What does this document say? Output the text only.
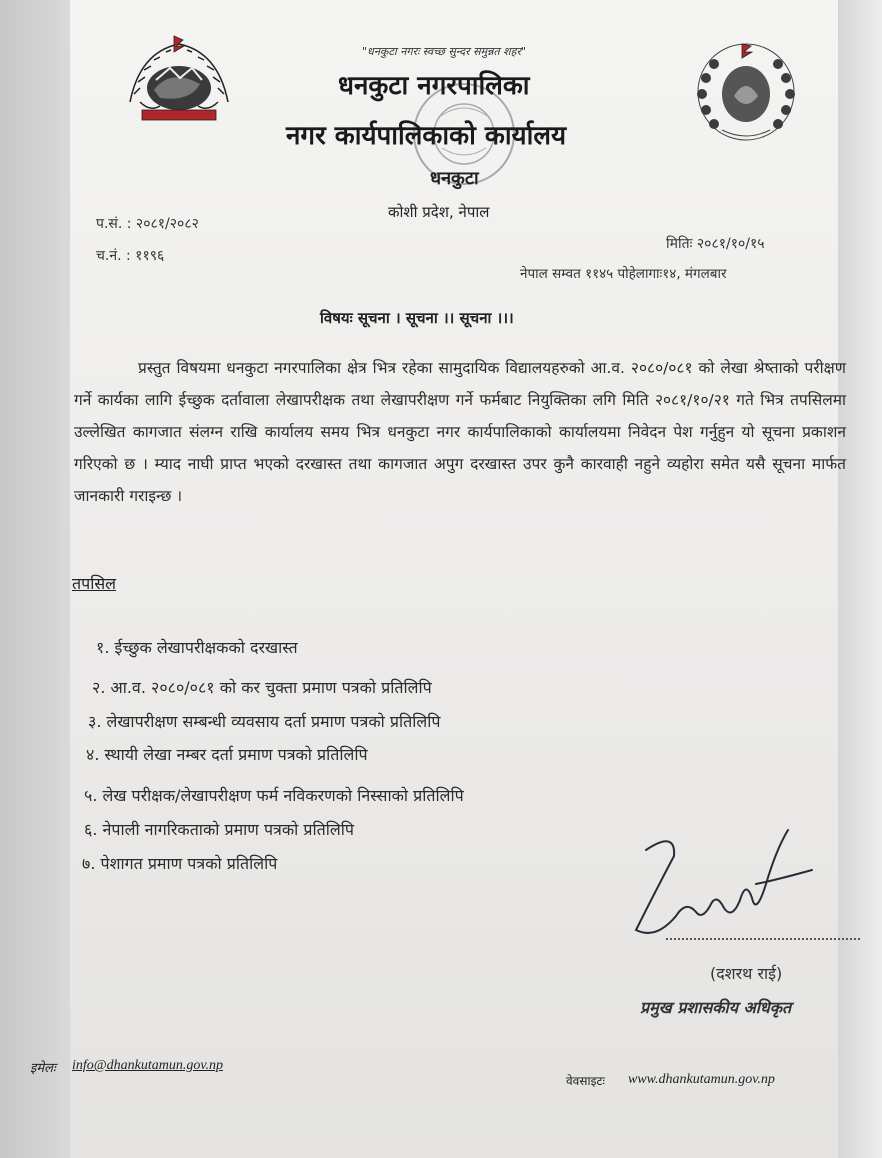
"धनकुटा नगरः स्वच्छ सुन्दर समुन्नत शहर"
धनकुटा नगरपालिका
नगर कार्यपालिकाको कार्यालय
धनकुटा
कोशी प्रदेश, नेपाल
प.सं. : २०८१/२०८२
च.नं. : ११९६
मितिः २०८१/१०/१५
नेपाल सम्वत ११४५ पोहेलागाः१४, मंगलबार
विषयः सूचना । सूचना ।। सूचना ।।।
प्रस्तुत विषयमा धनकुटा नगरपालिका क्षेत्र भित्र रहेका सामुदायिक विद्यालयहरुको आ.व. २०८०/०८१ को लेखा श्रेष्ताको परीक्षण गर्ने कार्यका लागि ईच्छुक दर्तावाला लेखापरीक्षक तथा लेखापरीक्षण गर्ने फर्मबाट नियुक्तिका लगि मिति २०८१/१०/२१ गते भित्र तपसिलमा उल्लेखित कागजात संलग्न राखि कार्यालय समय भित्र धनकुटा नगर कार्यपालिकाको कार्यालयमा निवेदन पेश गर्नुहुन यो सूचना प्रकाशन गरिएको छ । म्याद नाघी प्राप्त भएको दरखास्त तथा कागजात अपुग दरखास्त उपर कुनै कारवाही नहुने व्यहोरा समेत यसै सूचना मार्फत जानकारी गराइन्छ ।
तपसिल
१. ईच्छुक लेखापरीक्षकको दरखास्त
२. आ.व. २०८०/०८१ को कर चुक्ता प्रमाण पत्रको प्रतिलिपि
३. लेखापरीक्षण सम्बन्धी व्यवसाय दर्ता प्रमाण पत्रको प्रतिलिपि
४. स्थायी लेखा नम्बर दर्ता प्रमाण पत्रको प्रतिलिपि
५. लेख परीक्षक/लेखापरीक्षण फर्म नविकरणको निस्साको प्रतिलिपि
६. नेपाली नागरिकताको प्रमाण पत्रको प्रतिलिपि
७. पेशागत प्रमाण पत्रको प्रतिलिपि
(दशरथ राई)
प्रमुख प्रशासकीय अधिकृत
इमेलः info@dhankutamun.gov.np
वेवसाइटः www.dhankutamun.gov.np
